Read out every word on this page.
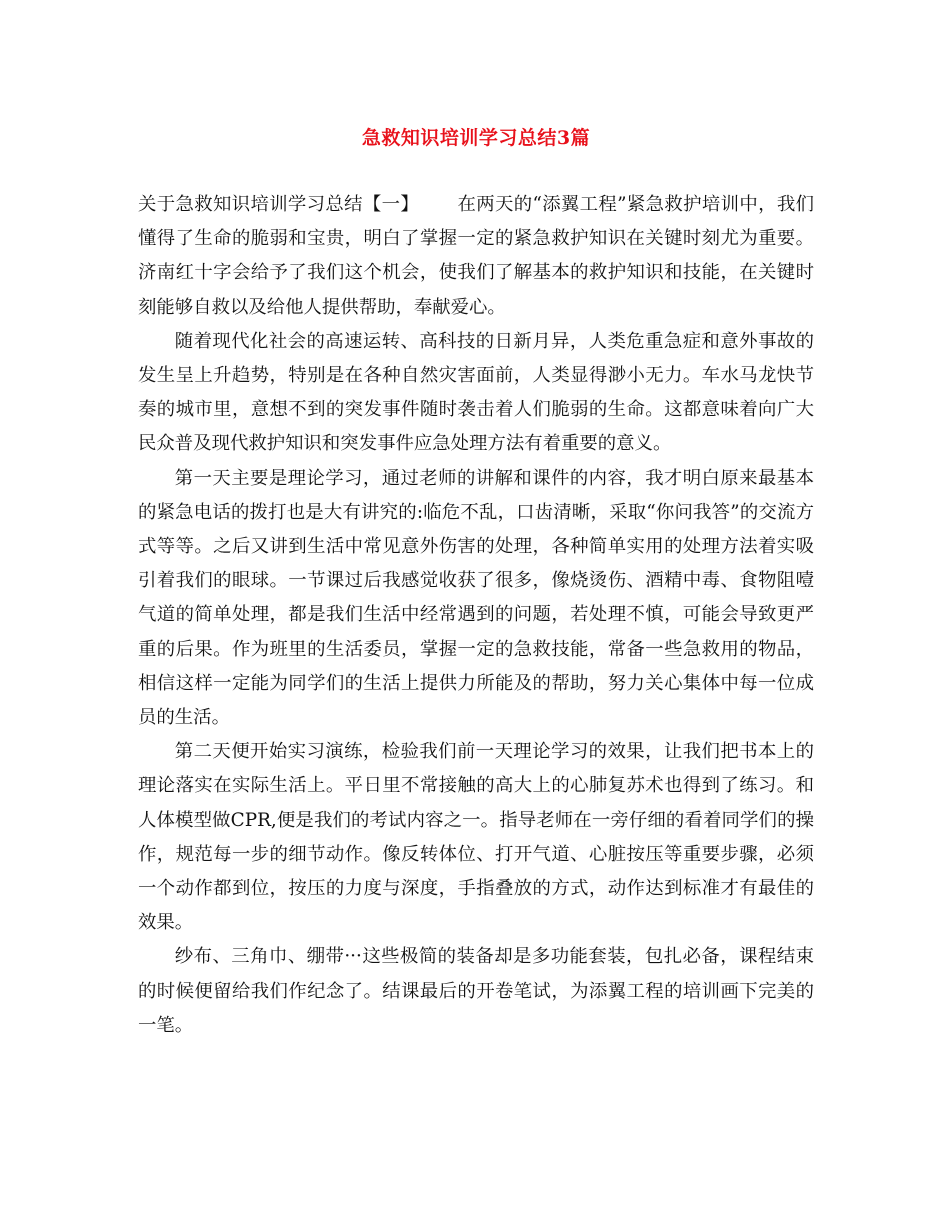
急救知识培训学习总结3篇

关于急救知识培训学习总结【一】 在两天的“添翼工程”紧急救护培训中，我们懂得了生命的脆弱和宝贵，明白了掌握一定的紧急救护知识在关键时刻尤为重要。济南红十字会给予了我们这个机会，使我们了解基本的救护知识和技能，在关键时刻能够自救以及给他人提供帮助，奉献爱心。

随着现代化社会的高速运转、高科技的日新月异，人类危重急症和意外事故的发生呈上升趋势，特别是在各种自然灾害面前，人类显得渺小无力。车水马龙快节奏的城市里，意想不到的突发事件随时袭击着人们脆弱的生命。这都意味着向广大民众普及现代救护知识和突发事件应急处理方法有着重要的意义。

第一天主要是理论学习，通过老师的讲解和课件的内容，我才明白原来最基本的紧急电话的拨打也是大有讲究的:临危不乱，口齿清晰，采取“你问我答”的交流方式等等。之后又讲到生活中常见意外伤害的处理，各种简单实用的处理方法着实吸引着我们的眼球。一节课过后我感觉收获了很多，像烧烫伤、酒精中毒、食物阻噎气道的简单处理，都是我们生活中经常遇到的问题，若处理不慎，可能会导致更严重的后果。作为班里的生活委员，掌握一定的急救技能，常备一些急救用的物品，相信这样一定能为同学们的生活上提供力所能及的帮助，努力关心集体中每一位成员的生活。

第二天便开始实习演练，检验我们前一天理论学习的效果，让我们把书本上的理论落实在实际生活上。平日里不常接触的高大上的心肺复苏术也得到了练习。和人体模型做CPR,便是我们的考试内容之一。指导老师在一旁仔细的看着同学们的操作，规范每一步的细节动作。像反转体位、打开气道、心脏按压等重要步骤，必须一个动作都到位，按压的力度与深度，手指叠放的方式，动作达到标准才有最佳的效果。

纱布、三角巾、绷带···这些极简的装备却是多功能套装，包扎必备，课程结束的时候便留给我们作纪念了。结课最后的开卷笔试，为添翼工程的培训画下完美的一笔。
